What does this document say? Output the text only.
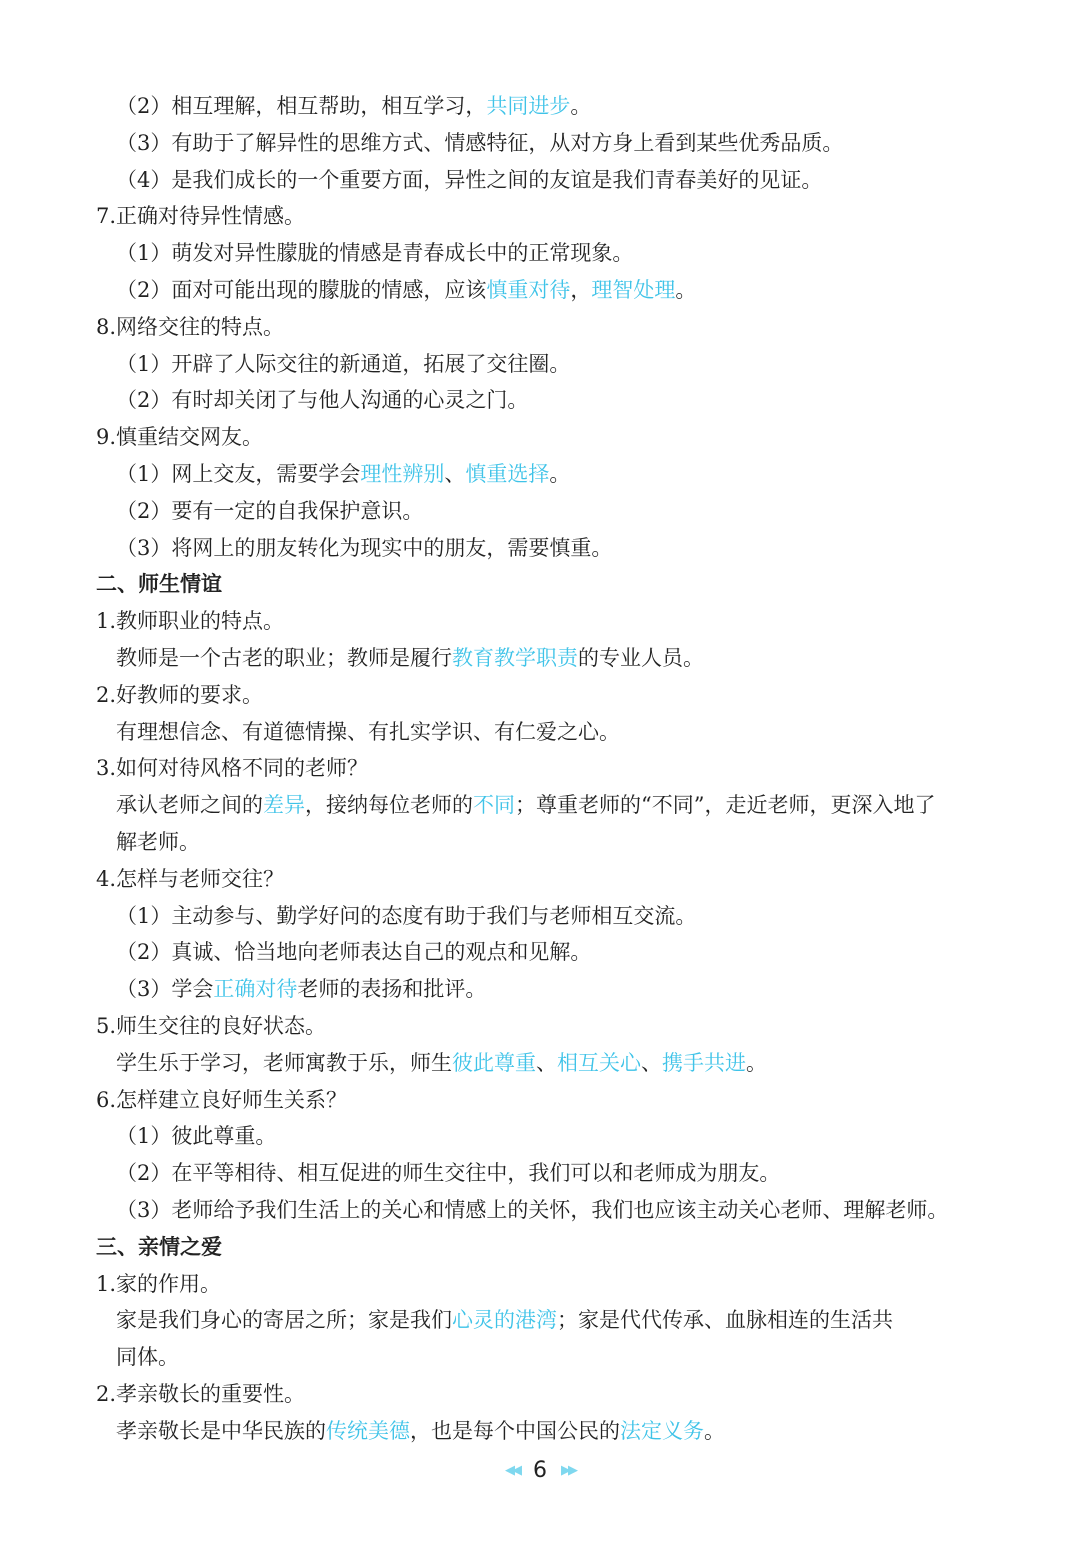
（2）相互理解，相互帮助，相互学习，共同进步。
（3）有助于了解异性的思维方式、情感特征，从对方身上看到某些优秀品质。
（4）是我们成长的一个重要方面，异性之间的友谊是我们青春美好的见证。
7.正确对待异性情感。
（1）萌发对异性朦胧的情感是青春成长中的正常现象。
（2）面对可能出现的朦胧的情感，应该慎重对待，理智处理。
8.网络交往的特点。
（1）开辟了人际交往的新通道，拓展了交往圈。
（2）有时却关闭了与他人沟通的心灵之门。
9.慎重结交网友。
（1）网上交友，需要学会理性辨别、慎重选择。
（2）要有一定的自我保护意识。
（3）将网上的朋友转化为现实中的朋友，需要慎重。
二、师生情谊
1.教师职业的特点。
教师是一个古老的职业；教师是履行教育教学职责的专业人员。
2.好教师的要求。
有理想信念、有道德情操、有扎实学识、有仁爱之心。
3.如何对待风格不同的老师？
承认老师之间的差异，接纳每位老师的不同；尊重老师的“不同”，走近老师，更深入地了
解老师。
4.怎样与老师交往？
（1）主动参与、勤学好问的态度有助于我们与老师相互交流。
（2）真诚、恰当地向老师表达自己的观点和见解。
（3）学会正确对待老师的表扬和批评。
5.师生交往的良好状态。
学生乐于学习，老师寓教于乐，师生彼此尊重、相互关心、携手共进。
6.怎样建立良好师生关系？
（1）彼此尊重。
（2）在平等相待、相互促进的师生交往中，我们可以和老师成为朋友。
（3）老师给予我们生活上的关心和情感上的关怀，我们也应该主动关心老师、理解老师。
三、亲情之爱
1.家的作用。
家是我们身心的寄居之所；家是我们心灵的港湾；家是代代传承、血脉相连的生活共
同体。
2.孝亲敬长的重要性。
孝亲敬长是中华民族的传统美德，也是每个中国公民的法定义务。
◀◀ 6 ▶▶
